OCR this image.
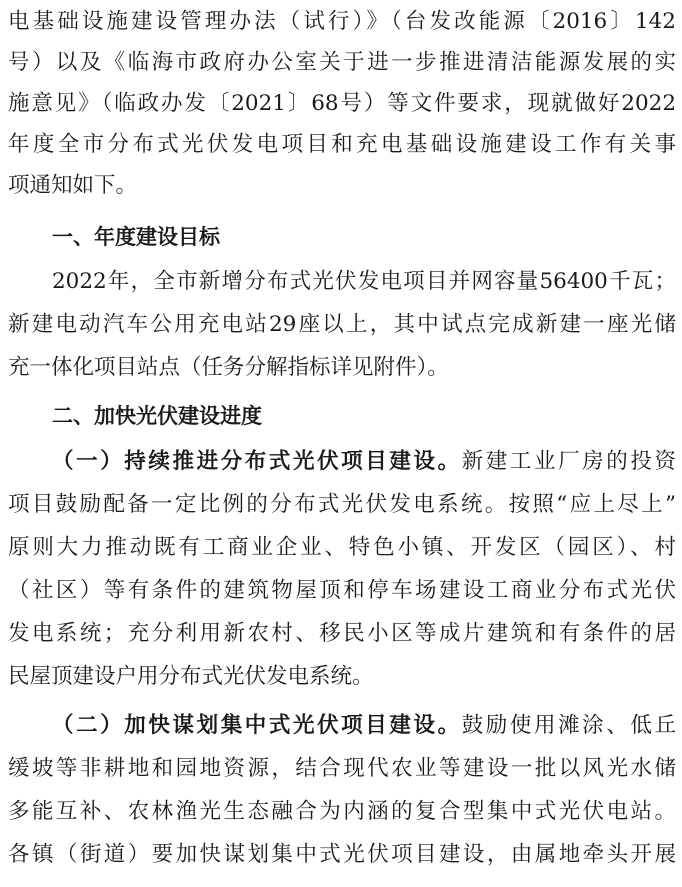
电基础设施建设管理办法（试行）》（台发改能源〔2016〕142
号）以及《临海市政府办公室关于进一步推进清洁能源发展的实
施意见》（临政办发〔2021〕68号）等文件要求，现就做好2022
年度全市分布式光伏发电项目和充电基础设施建设工作有关事
项通知如下。
一、年度建设目标
2022年，全市新增分布式光伏发电项目并网容量56400千瓦；
新建电动汽车公用充电站29座以上，其中试点完成新建一座光储
充一体化项目站点（任务分解指标详见附件）。
二、加快光伏建设进度
（一）持续推进分布式光伏项目建设。新建工业厂房的投资
项目鼓励配备一定比例的分布式光伏发电系统。按照“应上尽上”
原则大力推动既有工商业企业、特色小镇、开发区（园区）、村
（社区）等有条件的建筑物屋顶和停车场建设工商业分布式光伏
发电系统；充分利用新农村、移民小区等成片建筑和有条件的居
民屋顶建设户用分布式光伏发电系统。
（二）加快谋划集中式光伏项目建设。鼓励使用滩涂、低丘
缓坡等非耕地和园地资源，结合现代农业等建设一批以风光水储
多能互补、农林渔光生态融合为内涵的复合型集中式光伏电站。
各镇（街道）要加快谋划集中式光伏项目建设，由属地牵头开展
